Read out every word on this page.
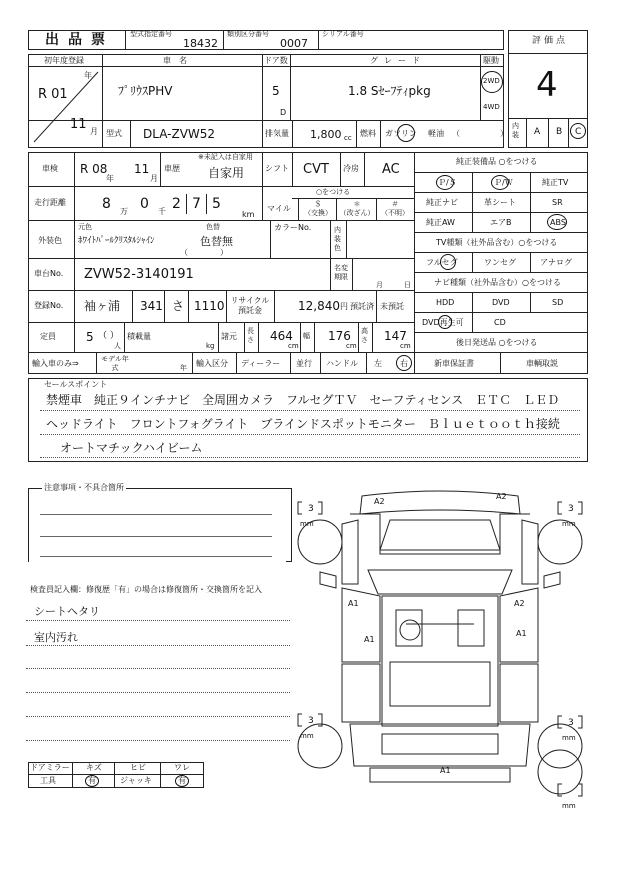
出品票 型式指定番号
18432
類別区分番号
0007
シリアル番号
評価点
4
内装	A B C
初年度登録
年
R 01
11 月
車　名
ﾌﾟﾘｳｽPHV
ドア数
5
D
グレード
1.8 Sｾｰﾌﾃｨpkg
駆動
2WD
4WD
型式 DLA-ZVW52	排気量 1,800 cc 燃料 ガソリン 軽油 （　　　　　）
車検 R 08
年
11
月
車歴
※未記入は自家用
自家用	シフト CVT 冷房 AC
走行距離	8 万 0 千 2 7 5
km
○をつける
マイル	＄
（交換）
＊
（改ざん）
＃
（不明）
外装色
元色
ﾎﾜｲﾄﾊﾟｰﾙｸﾘｽﾀﾙｼｬｲﾝ
色替
色替無
（　　　　）
カラーNo.	内装色
車台No. ZVW52-3140191	名変期限
月	日
登録No. 袖ヶ浦 341 さ 1110 リサイクル預託金	12,840 円 預託済 未預託
定員	5 （ ）
人
積載量
kg
諸元
長さ 464
cm
幅 176
cm
高さ 147
cm
輸入車のみ⇒	モデル年式	年 輸入区分 ディーラー 並行 ハンドル 左 右
純正装備品 ○をつける
Ｐ/Ｓ	Ｐ/Ｗ	純正TV
純正ナビ	革シート	SR
純正AW	エアB	ABS
TV種類（社外品含む）○をつける
フルセグ	ワンセグ	アナログ
ナビ種類（社外品含む）○をつける
HDD	DVD	SD
DVD再生可	CD
後日発送品 ○をつける
新車保証書	車輌取説
セールスポイント
禁煙車　純正９インチナビ　全周囲カメラ　フルセグＴＶ　セーフティセンス　ＥＴＣ　ＬＥＤ
ヘッドライト　フロントフォグライト　ブラインドスポットモニター　Ｂｌｕｅｔｏｏｔｈ接続
オートマチックハイビーム
注意事項・不具合箇所
検査員記入欄：修復歴「有」の場合は修復箇所・交換箇所を記入
シートヘタリ
室内汚れ
ドアミラー キズ	ヒビ	ワレ
工具	有	ジャッキ	有
A2
A2
A1	A2
A1
A1
A1
3	3
3	3
mm	mm
mm	mm
mm
